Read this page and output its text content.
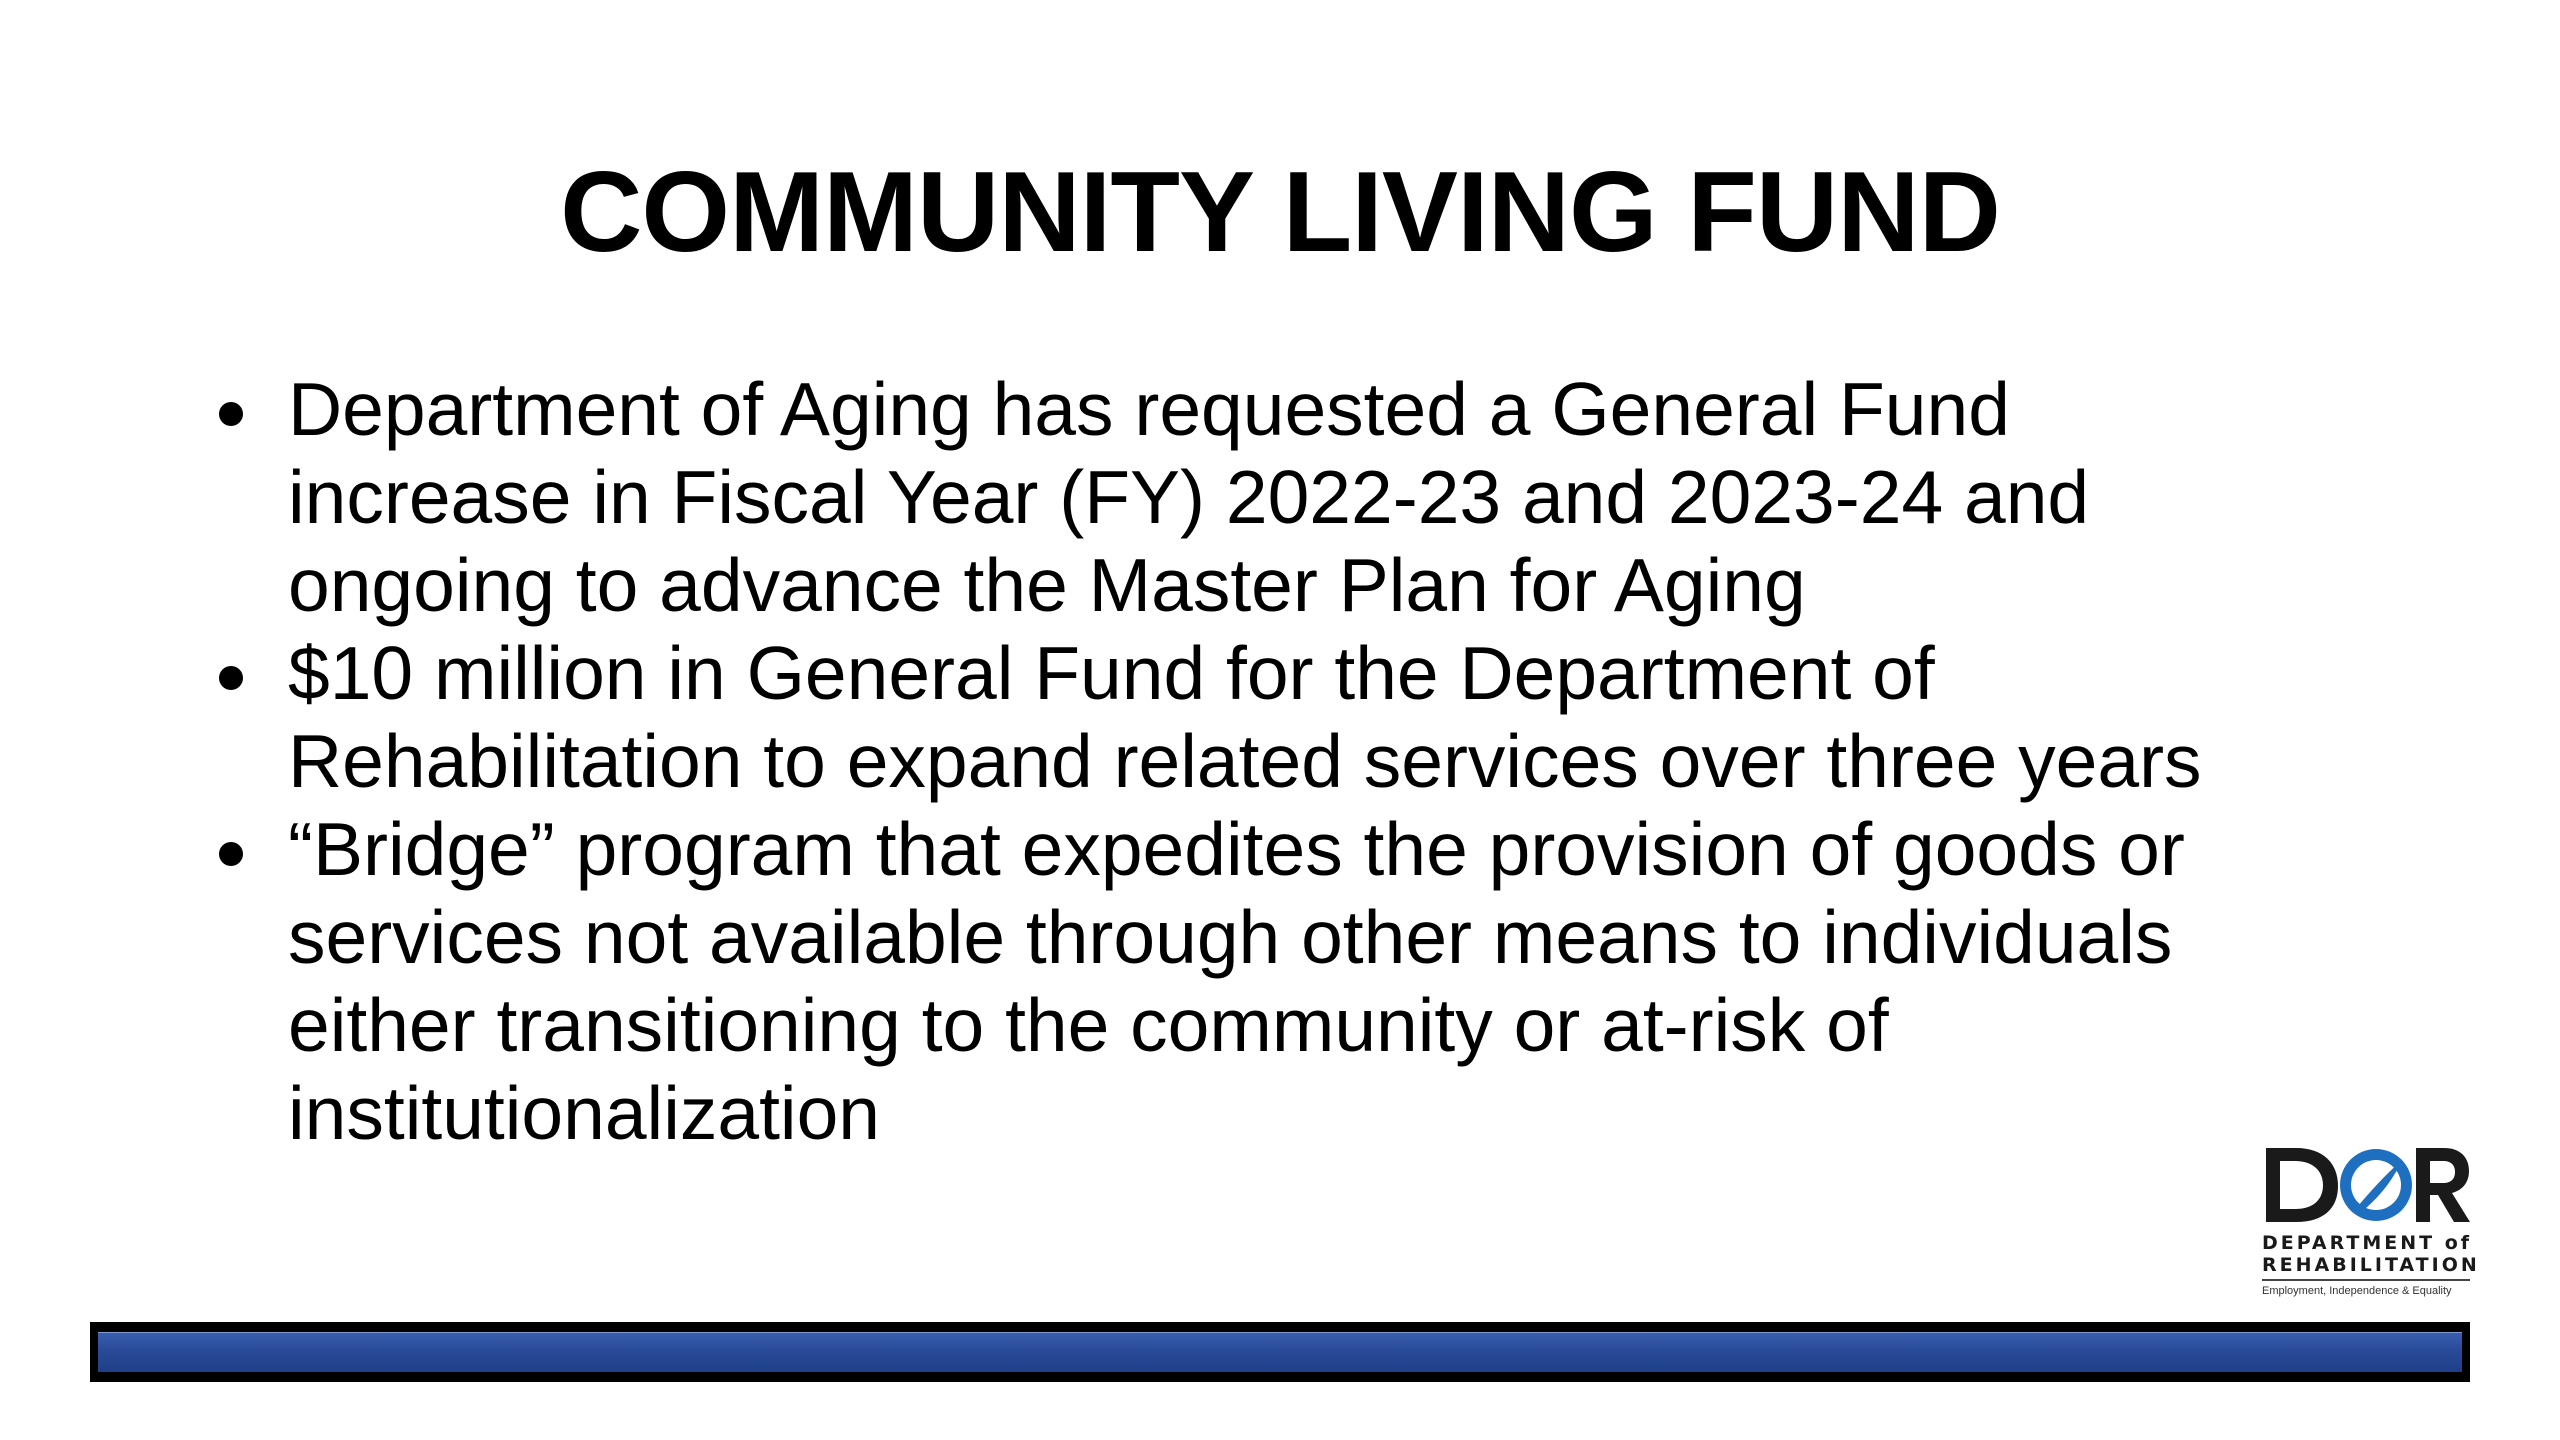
COMMUNITY LIVING FUND
Department of Aging has requested a General Fund
increase in Fiscal Year (FY) 2022-23 and 2023-24 and
ongoing to advance the Master Plan for Aging
$10 million in General Fund for the Department of
Rehabilitation to expand related services over three years
“Bridge” program that expedites the provision of goods or
services not available through other means to individuals
either transitioning to the community or at-risk of
institutionalization
DEPARTMENT of
REHABILITATION
Employment, Independence & Equality
